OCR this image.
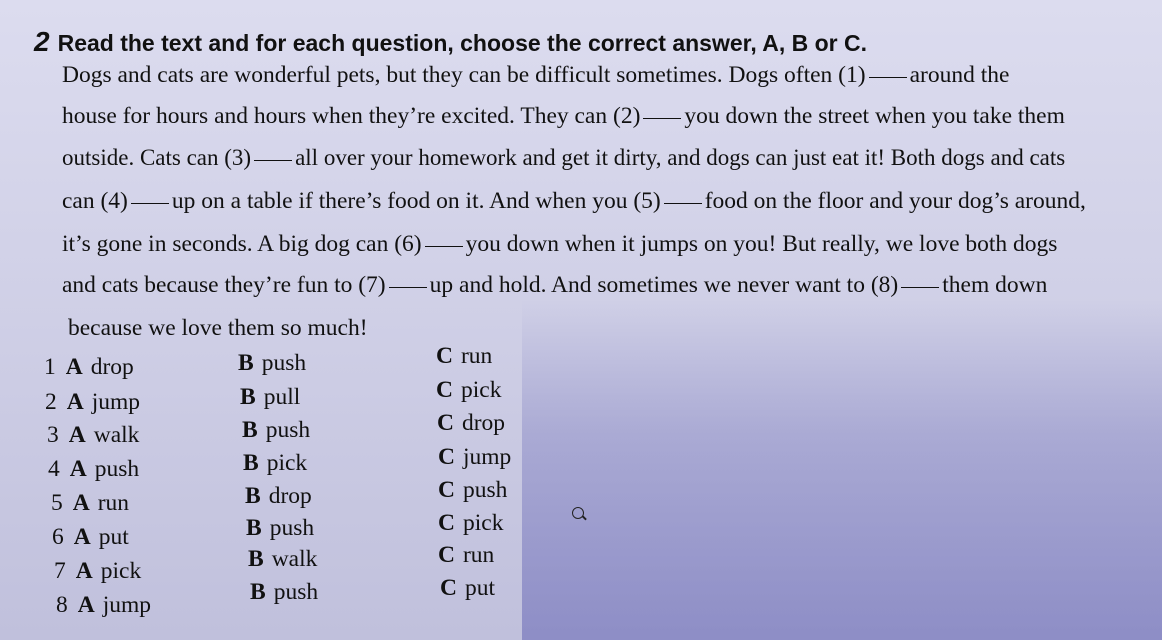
2 Read the text and for each question, choose the correct answer, A, B or C.
Dogs and cats are wonderful pets, but they can be difficult sometimes. Dogs often (1) around the
house for hours and hours when they’re excited. They can (2) you down the street when you take them
outside. Cats can (3) all over your homework and get it dirty, and dogs can just eat it! Both dogs and cats
can (4) up on a table if there’s food on it. And when you (5) food on the floor and your dog’s around,
it’s gone in seconds. A big dog can (6) you down when it jumps on you! But really, we love both dogs
and cats because they’re fun to (7) up and hold. And sometimes we never want to (8) them down
because we love them so much!
1 A drop	B push	C run
2 A jump	B pull	C pick
3 A walk	B push	C drop
4 A push	B pick	C jump
5 A run	B drop	C push
6 A put	B push	C pick
7 A pick	B walk	C run
8 A jump	B push	C put
